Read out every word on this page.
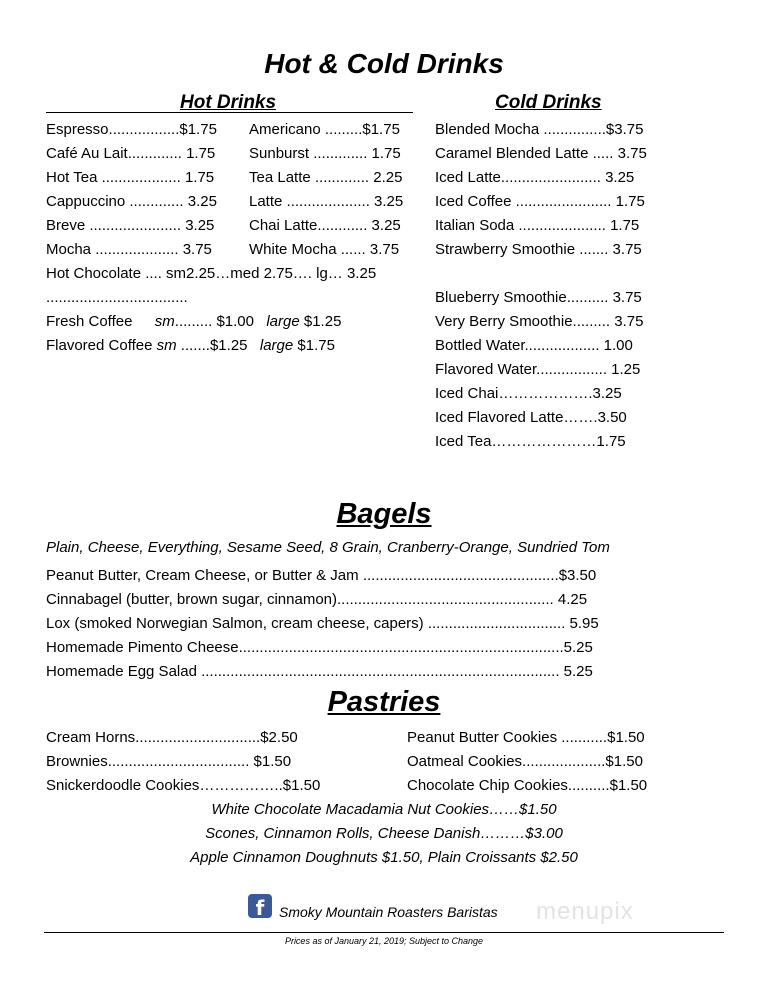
Hot & Cold Drinks
Hot Drinks
Espresso.................$1.75
Café Au Lait............. 1.75
Hot Tea ................... 1.75
Cappuccino ............. 3.25
Breve ...................... 3.25
Mocha .................... 3.75
Americano .........$1.75
Sunburst ............. 1.75
Tea Latte ............. 2.25
Latte .................... 3.25
Chai Latte............ 3.25
White Mocha ...... 3.75
Hot Chocolate .... sm2.25…med 2.75…. lg… 3.25
..................................
Fresh Coffee sm......... $1.00 large $1.25
Flavored Coffee sm .......$1.25 large $1.75
Cold Drinks
Blended Mocha ...............$3.75
Caramel Blended Latte ..... 3.75
Iced Latte........................ 3.25
Iced Coffee ....................... 1.75
Italian Soda ..................... 1.75
Strawberry Smoothie ....... 3.75
Blueberry Smoothie.......... 3.75
Very Berry Smoothie......... 3.75
Bottled Water.................. 1.00
Flavored Water................. 1.25
Iced Chai……………….3.25
Iced Flavored Latte…….3.50
Iced Tea…………………1.75
Bagels
Plain, Cheese, Everything, Sesame Seed, 8 Grain, Cranberry-Orange, Sundried Tom
Peanut Butter, Cream Cheese, or Butter & Jam ...............................................$3.50
Cinnabagel (butter, brown sugar, cinnamon).................................................... 4.25
Lox (smoked Norwegian Salmon, cream cheese, capers) ................................. 5.95
Homemade Pimento Cheese..............................................................................5.25
Homemade Egg Salad ...................................................................................... 5.25
Pastries
Cream Horns..............................$2.50
Brownies.................................. $1.50
Snickerdoodle Cookies……………..$1.50
Peanut Butter Cookies ...........$1.50
Oatmeal Cookies....................$1.50
Chocolate Chip Cookies..........$1.50
White Chocolate Macadamia Nut Cookies……$1.50
Scones, Cinnamon Rolls, Cheese Danish………$3.00
Apple Cinnamon Doughnuts $1.50, Plain Croissants $2.50
f	Smoky Mountain Roasters Baristas menupix
Prices as of January 21, 2019; Subject to Change
